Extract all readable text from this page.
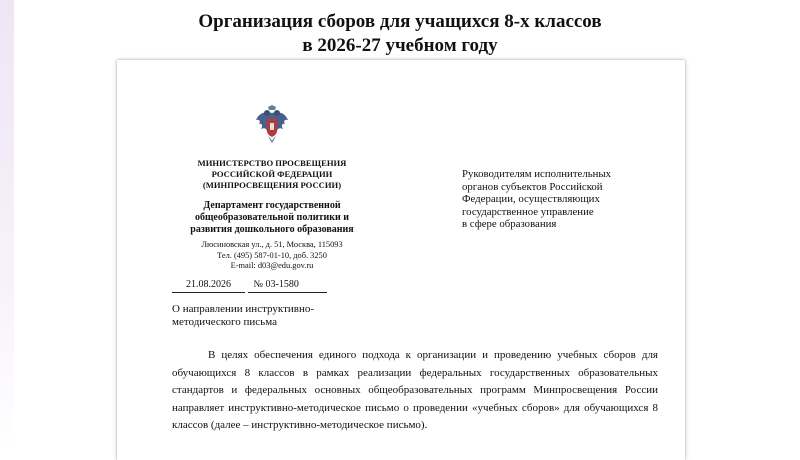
Организация сборов для учащихся 8-х классов
в 2026-27 учебном году
МИНИСТЕРСТВО ПРОСВЕЩЕНИЯ
РОССИЙСКОЙ ФЕДЕРАЦИИ
(МИНПРОСВЕЩЕНИЯ РОССИИ)
Департамент государственной
общеобразовательной политики и
развития дошкольного образования
Люсиновская ул., д. 51, Москва, 115093
Тел. (495) 587-01-10, доб. 3250
E-mail: d03@edu.gov.ru
21.08.2026 № 03-1580
Руководителям исполнительных
органов субъектов Российской
Федерации, осуществляющих
государственное управление
в сфере образования
О направлении инструктивно-
методического письма
В целях обеспечения единого подхода к организации и проведению учебных сборов для обучающихся 8 классов в рамках реализации федеральных государственных образовательных стандартов и федеральных основных общеобразовательных программ Минпросвещения России направляет инструктивно-методическое письмо о проведении «учебных сборов» для обучающихся 8 классов (далее – инструктивно-методическое письмо).
